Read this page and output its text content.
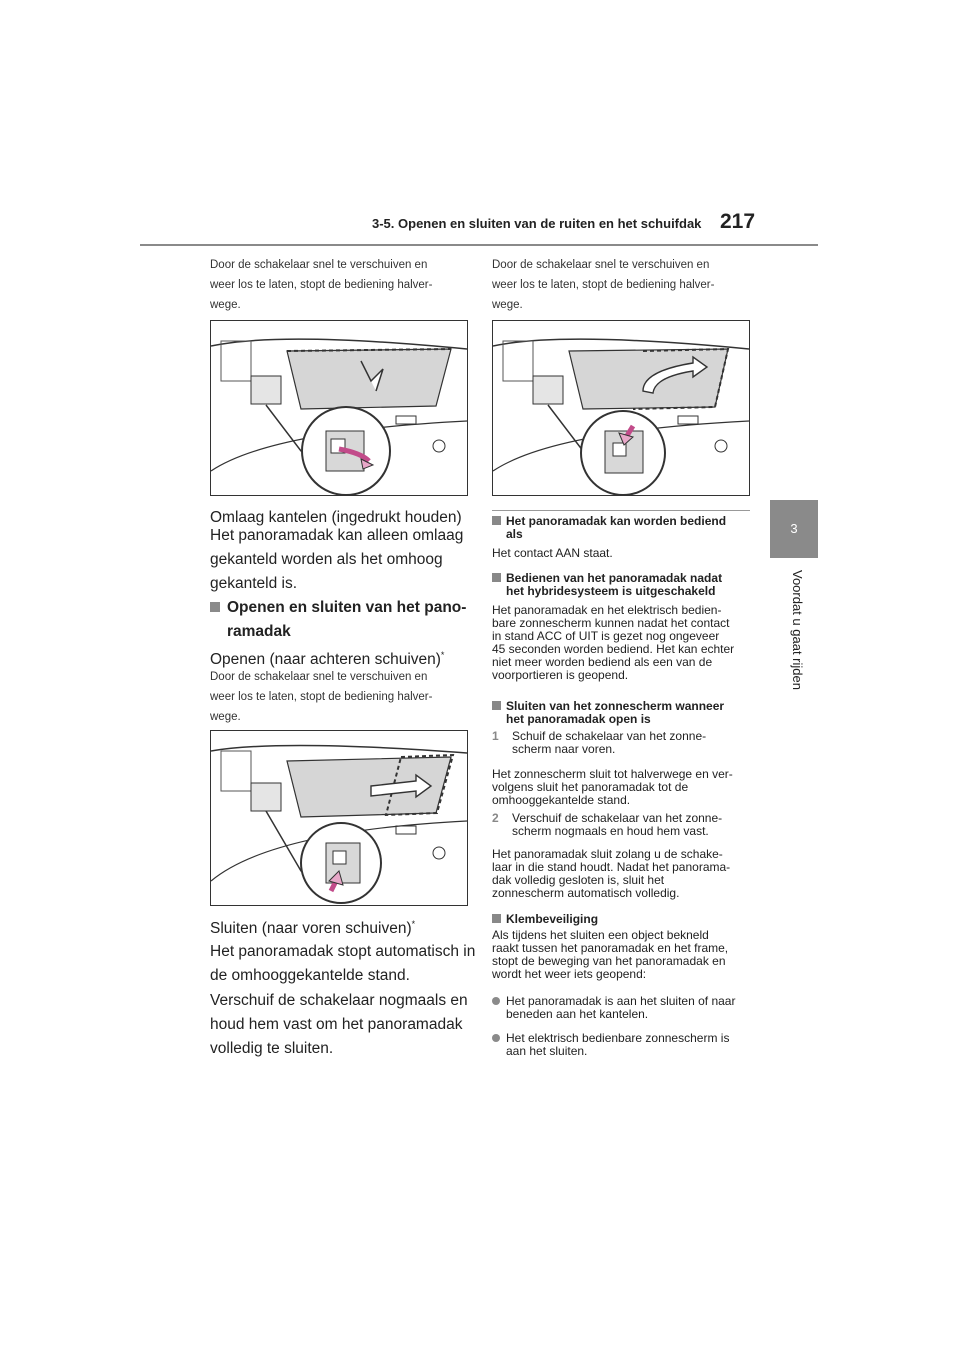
3-5. Openen en sluiten van de ruiten en het schuifdak 217
3
Voordat u gaat rijden
Door de schakelaar snel te verschuiven en
weer los te laten, stopt de bediening halver-
wege.
Omlaag kantelen (ingedrukt houden)
Het panoramadak kan alleen omlaag
gekanteld worden als het omhoog
gekanteld is.
Openen en sluiten van het pano-
ramadak
Openen (naar achteren schuiven)*
Door de schakelaar snel te verschuiven en
weer los te laten, stopt de bediening halver-
wege.
Sluiten (naar voren schuiven)*
Het panoramadak stopt automatisch in
de omhooggekantelde stand.
Verschuif de schakelaar nogmaals en
houd hem vast om het panoramadak
volledig te sluiten.
Door de schakelaar snel te verschuiven en
weer los te laten, stopt de bediening halver-
wege.
Het panoramadak kan worden bediend
als
Het contact AAN staat.
Bedienen van het panoramadak nadat
het hybridesysteem is uitgeschakeld
Het panoramadak en het elektrisch bedien-
bare zonnescherm kunnen nadat het contact
in stand ACC of UIT is gezet nog ongeveer
45 seconden worden bediend. Het kan echter
niet meer worden bediend als een van de
voorportieren is geopend.
Sluiten van het zonnescherm wanneer
het panoramadak open is
1 Schuif de schakelaar van het zonne-
scherm naar voren.
Het zonnescherm sluit tot halverwege en ver-
volgens sluit het panoramadak tot de
omhooggekantelde stand.
2 Verschuif de schakelaar van het zonne-
scherm nogmaals en houd hem vast.
Het panoramadak sluit zolang u de schake-
laar in die stand houdt. Nadat het panorama-
dak volledig gesloten is, sluit het
zonnescherm automatisch volledig.
Klembeveiliging
Als tijdens het sluiten een object bekneld
raakt tussen het panoramadak en het frame,
stopt de beweging van het panoramadak en
wordt het weer iets geopend:
Het panoramadak is aan het sluiten of naar
beneden aan het kantelen.
Het elektrisch bedienbare zonnescherm is
aan het sluiten.
